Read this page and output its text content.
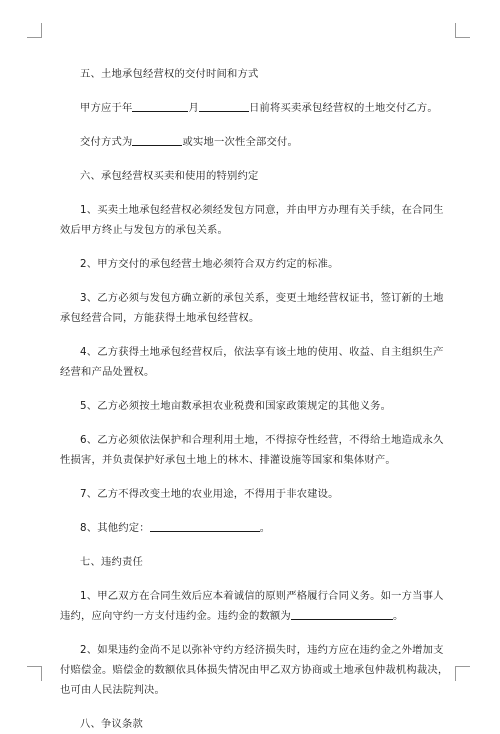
五、土地承包经营权的交付时间和方式
甲方应于年	月	日前将买卖承包经营权的土地交付乙方。
交付方式为	或实地一次性全部交付。
六、承包经营权买卖和使用的特别约定
1、买卖土地承包经营权必须经发包方同意，并由甲方办理有关手续，在合同生
效后甲方终止与发包方的承包关系。
2、甲方交付的承包经营土地必须符合双方约定的标准。
3、乙方必须与发包方确立新的承包关系，变更土地经营权证书，签订新的土地
承包经营合同，方能获得土地承包经营权。
4、乙方获得土地承包经营权后，依法享有该土地的使用、收益、自主组织生产
经营和产品处置权。
5、乙方必须按土地亩数承担农业税费和国家政策规定的其他义务。
6、乙方必须依法保护和合理利用土地，不得掠夺性经营，不得给土地造成永久
性损害，并负责保护好承包土地上的林木、排灌设施等国家和集体财产。
7、乙方不得改变土地的农业用途，不得用于非农建设。
8、其他约定：	。
七、违约责任
1、甲乙双方在合同生效后应本着诚信的原则严格履行合同义务。如一方当事人
违约，应向守约一方支付违约金。违约金的数额为	。
2、如果违约金尚不足以弥补守约方经济损失时，违约方应在违约金之外增加支
付赔偿金。赔偿金的数额依具体损失情况由甲乙双方协商或土地承包仲裁机构裁决，
也可由人民法院判决。
八、争议条款
